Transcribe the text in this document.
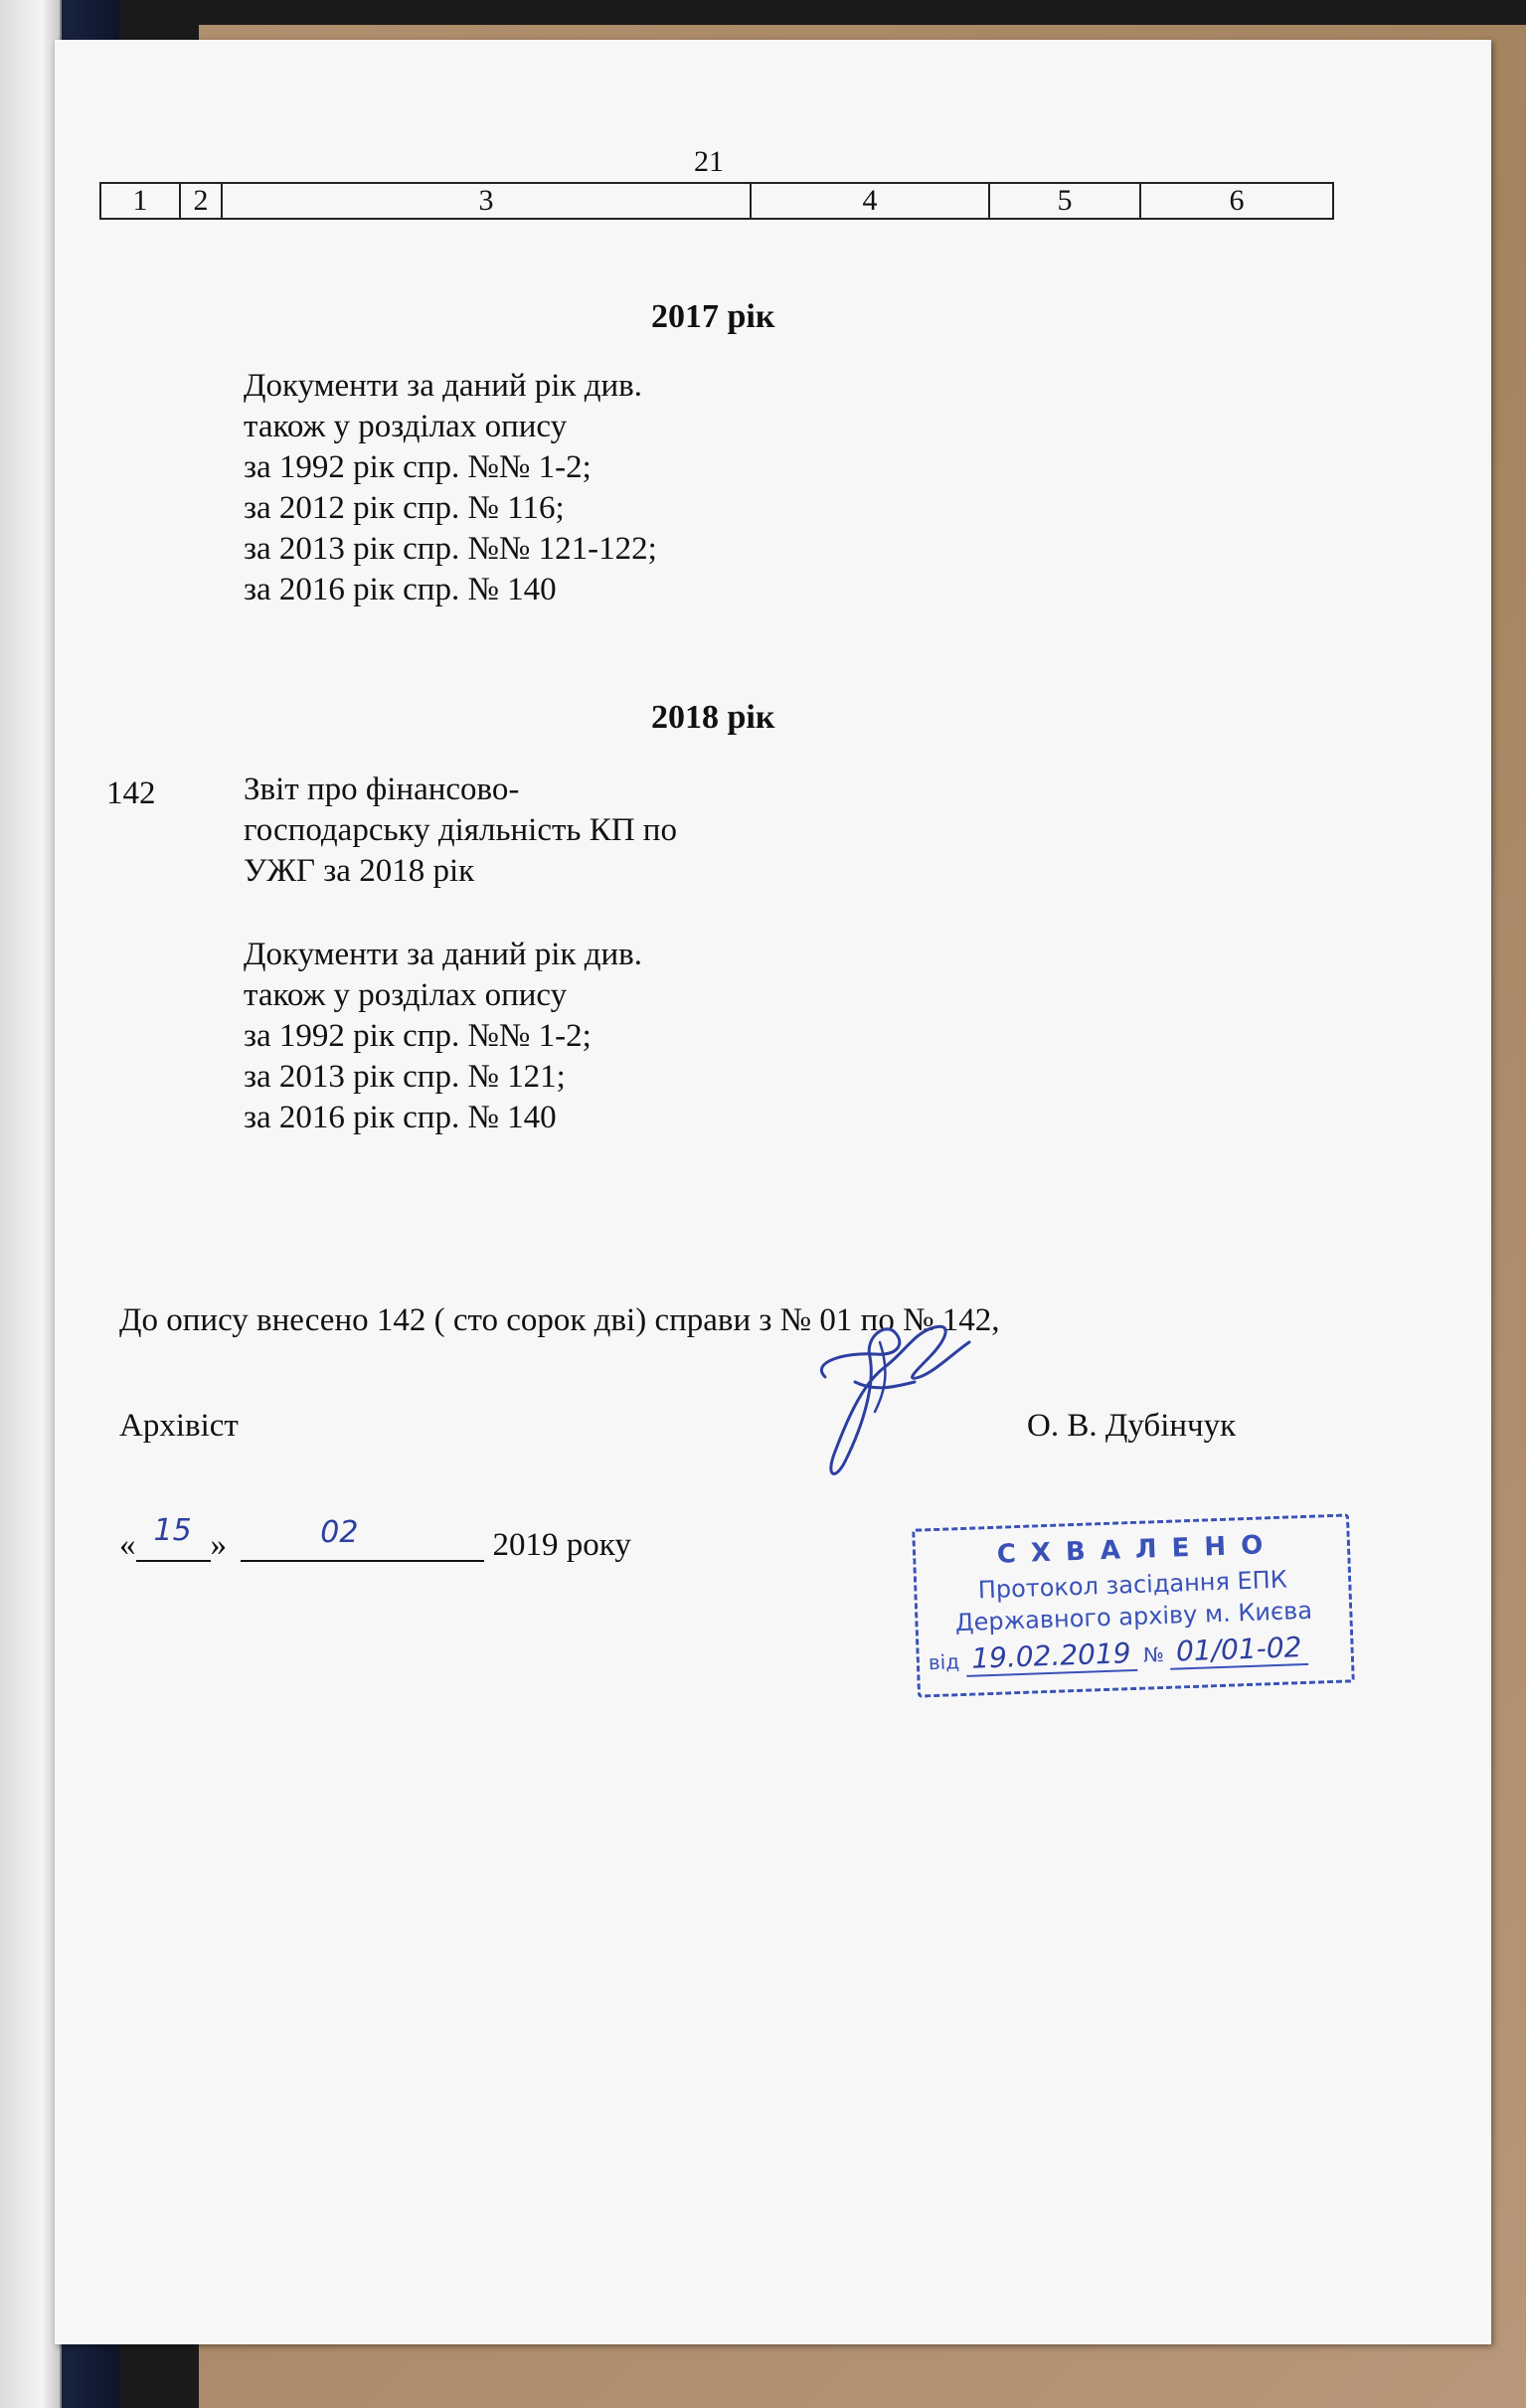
21
1	2	3	4	5	6
2017 рік
Документи за даний рік див.
також у розділах опису
за 1992 рік спр. №№ 1-2;
за 2012 рік спр. № 116;
за 2013 рік спр. №№ 121-122;
за 2016 рік спр. № 140
2018 рік
142	Звіт про фінансово-
господарську діяльність КП по
УЖГ за 2018 рік
Документи за даний рік див.
також у розділах опису
за 1992 рік спр. №№ 1-2;
за 2013 рік спр. № 121;
за 2016 рік спр. № 140
До опису внесено 142 ( сто сорок дві) справи з № 01 по № 142,
Архівіст	О. В. Дубінчук
« 15 »	02	2019 року	С Х В А Л Е Н О
Протокол засідання ЕПК
Державного архіву м. Києва
від 19.02.2019 № 01/01-02
